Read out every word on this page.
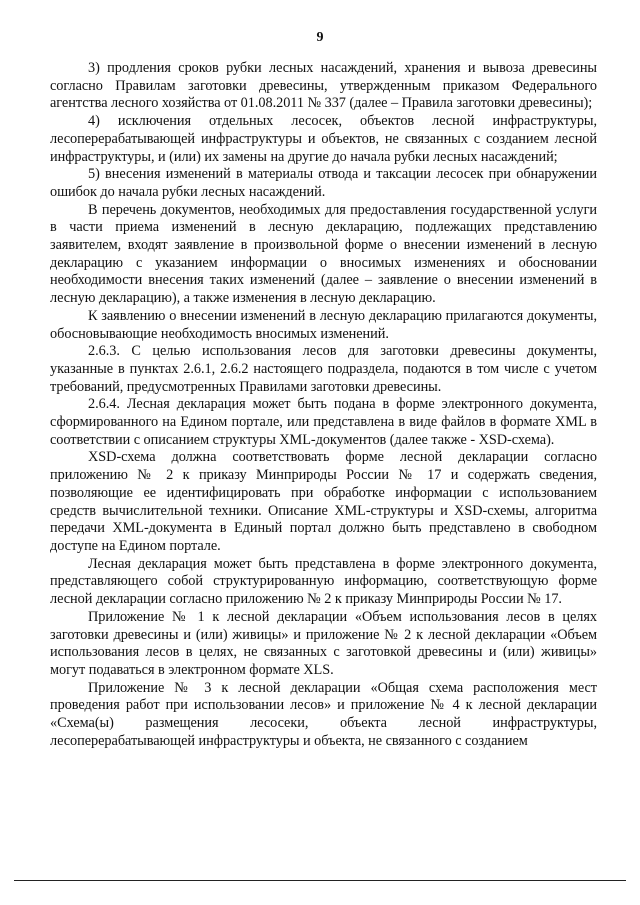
9

3) продления сроков рубки лесных насаждений, хранения и вывоза древесины согласно Правилам заготовки древесины, утвержденным приказом Федерального агентства лесного хозяйства от 01.08.2011 № 337 (далее – Правила заготовки древесины);

4) исключения отдельных лесосек, объектов лесной инфраструктуры, лесоперерабатывающей инфраструктуры и объектов, не связанных с созданием лесной инфраструктуры, и (или) их замены на другие до начала рубки лесных насаждений;

5) внесения изменений в материалы отвода и таксации лесосек при обнаружении ошибок до начала рубки лесных насаждений.

В перечень документов, необходимых для предоставления государственной услуги в части приема изменений в лесную декларацию, подлежащих представлению заявителем, входят заявление в произвольной форме о внесении изменений в лесную декларацию с указанием информации о вносимых изменениях и обосновании необходимости внесения таких изменений (далее – заявление о внесении изменений в лесную декларацию), а также изменения в лесную декларацию.

К заявлению о внесении изменений в лесную декларацию прилагаются документы, обосновывающие необходимость вносимых изменений.

2.6.3. С целью использования лесов для заготовки древесины документы, указанные в пунктах 2.6.1, 2.6.2 настоящего подраздела, подаются в том числе с учетом требований, предусмотренных Правилами заготовки древесины.

2.6.4. Лесная декларация может быть подана в форме электронного документа, сформированного на Едином портале, или представлена в виде файлов в формате XML в соответствии с описанием структуры XML-документов (далее также - XSD-схема).

XSD-схема должна соответствовать форме лесной декларации согласно приложению № 2 к приказу Минприроды России № 17 и содержать сведения, позволяющие ее идентифицировать при обработке информации с использованием средств вычислительной техники. Описание XML-структуры и XSD-схемы, алгоритма передачи XML-документа в Единый портал должно быть представлено в свободном доступе на Едином портале.

Лесная декларация может быть представлена в форме электронного документа, представляющего собой структурированную информацию, соответствующую форме лесной декларации согласно приложению № 2 к приказу Минприроды России № 17.

Приложение № 1 к лесной декларации «Объем использования лесов в целях заготовки древесины и (или) живицы» и приложение № 2 к лесной декларации «Объем использования лесов в целях, не связанных с заготовкой древесины и (или) живицы» могут подаваться в электронном формате XLS.

Приложение № 3 к лесной декларации «Общая схема расположения мест проведения работ при использовании лесов» и приложение № 4 к лесной декларации «Схема(ы) размещения лесосеки, объекта лесной инфраструктуры, лесоперерабатывающей инфраструктуры и объекта, не связанного с созданием
